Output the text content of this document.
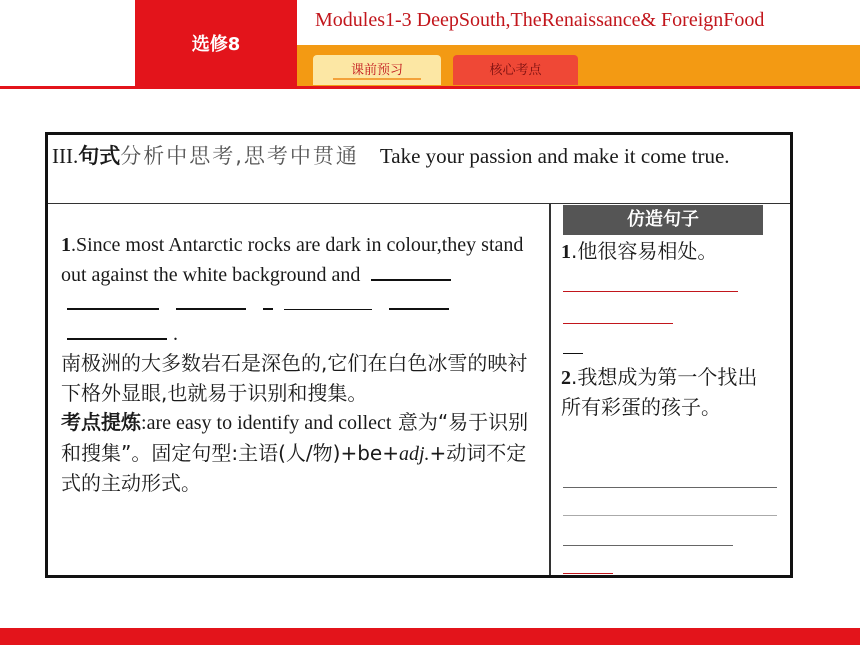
选修8
Modules1-3 DeepSouth,TheRenaissance& ForeignFood
-11-
课前预习	核心考点

III.句式分析中思考,思考中贯通 Take your passion and make it come true.

1.Since most Antarctic rocks are dark in colour,they stand out against the white background and       .

南极洲的大多数岩石是深色的,它们在白色冰雪的映衬下格外显眼,也就易于识别和搜集。

考点提炼:are easy to identify and collect 意为“易于识别和搜集”。固定句型:主语(人/物)+be+adj.+动词不定式的主动形式。

仿造句子
1.他很容易相处。
2.我想成为第一个找出所有彩蛋的孩子。
